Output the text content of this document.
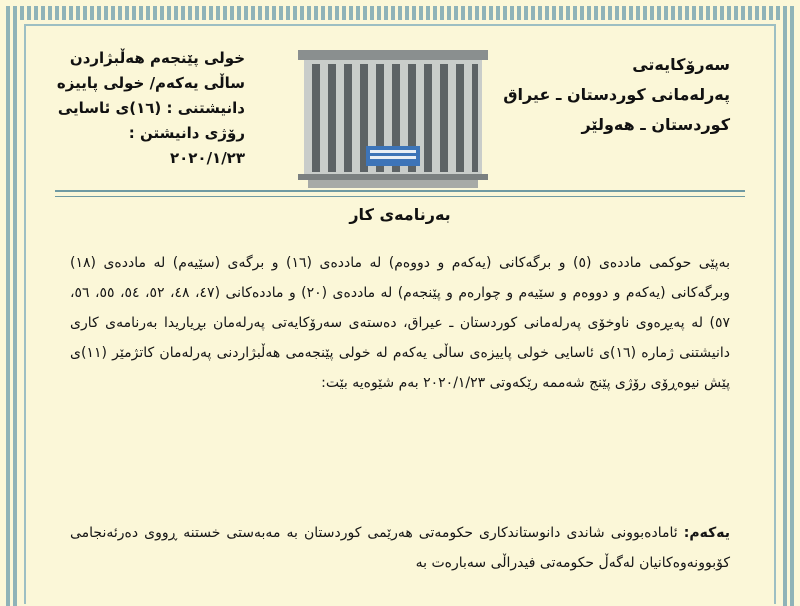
سەرۆکایەتی
پەرلەمانی کوردستان ـ عیراق
کوردستان ـ هەولێر
خولی پێنجەم هەڵبژاردن
ساڵی یەکەم/ خولی پاییزە
دانیشتنی : (١٦)ی ئاسایی
رۆژی دانیشتن : ٢٠٢٠/١/٢٣
بەرنامەی کار

بەپێی حوکمی ماددەی (٥) و برگەکانی (یەکەم و دووەم) لە ماددەی (١٦) و برگەی (سێیەم) لە ماددەی (١٨) وبرگەکانی (یەکەم و دووەم و سێیەم و چوارەم و پێنجەم) لە ماددەی (٢٠) و ماددەکانی (٤٧، ٤٨، ٥٢، ٥٤، ٥٥، ٥٦، ٥٧) لە پەیڕەوی ناوخۆی پەرلەمانی کوردستان ـ عیراق، دەستەی سەرۆکایەتی پەرلەمان بڕیاریدا بەرنامەی کاری دانیشتنی ژمارە (١٦)ی ئاسایی خولی پاییزەی ساڵی یەکەم لە خولی پێنجەمی هەڵبژاردنی پەرلەمان کاتژمێر (١١)ی پێش نیوەڕۆی رۆژی پێنج شەممە رێکەوتی ٢٠٢٠/١/٢٣ بەم شێوەیە بێت:

یەکەم: ئامادەبوونی شاندی دانوستاندکاری حکومەتی هەرێمی کوردستان بە مەبەستی خستنە ڕووی دەرئەنجامی کۆبوونەوەکانیان لەگەڵ حکومەتی فیدراڵی سەبارەت بە
